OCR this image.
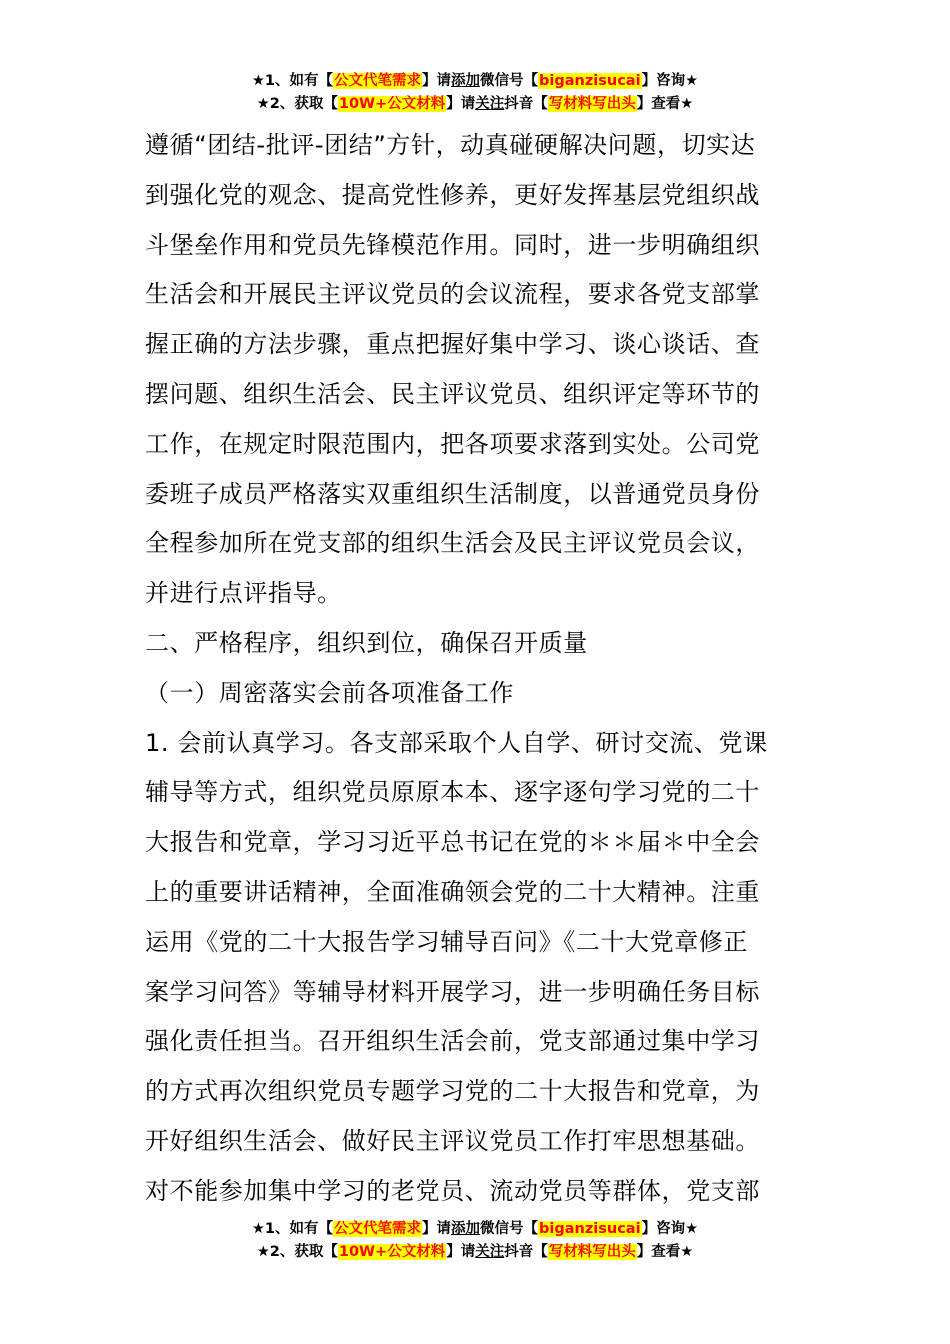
★1、如有【公文代笔需求】请添加微信号【biganzisucai】咨询★
★2、获取【10W+公文材料】请关注抖音【写材料写出头】查看★
遵循“团结-批评-团结”方针，动真碰硬解决问题，切实达
到强化党的观念、提高党性修养，更好发挥基层党组织战
斗堡垒作用和党员先锋模范作用。同时，进一步明确组织
生活会和开展民主评议党员的会议流程，要求各党支部掌
握正确的方法步骤，重点把握好集中学习、谈心谈话、查
摆问题、组织生活会、民主评议党员、组织评定等环节的
工作，在规定时限范围内，把各项要求落到实处。公司党
委班子成员严格落实双重组织生活制度，以普通党员身份
全程参加所在党支部的组织生活会及民主评议党员会议，
并进行点评指导。
二、严格程序，组织到位，确保召开质量
（一）周密落实会前各项准备工作
1. 会前认真学习。各支部采取个人自学、研讨交流、党课
辅导等方式，组织党员原原本本、逐字逐句学习党的二十
大报告和党章，学习习近平总书记在党的＊＊届＊中全会
上的重要讲话精神，全面准确领会党的二十大精神。注重
运用《党的二十大报告学习辅导百问》《二十大党章修正
案学习问答》等辅导材料开展学习，进一步明确任务目标
强化责任担当。召开组织生活会前，党支部通过集中学习
的方式再次组织党员专题学习党的二十大报告和党章，为
开好组织生活会、做好民主评议党员工作打牢思想基础。
对不能参加集中学习的老党员、流动党员等群体，党支部
★1、如有【公文代笔需求】请添加微信号【biganzisucai】咨询★
★2、获取【10W+公文材料】请关注抖音【写材料写出头】查看★
